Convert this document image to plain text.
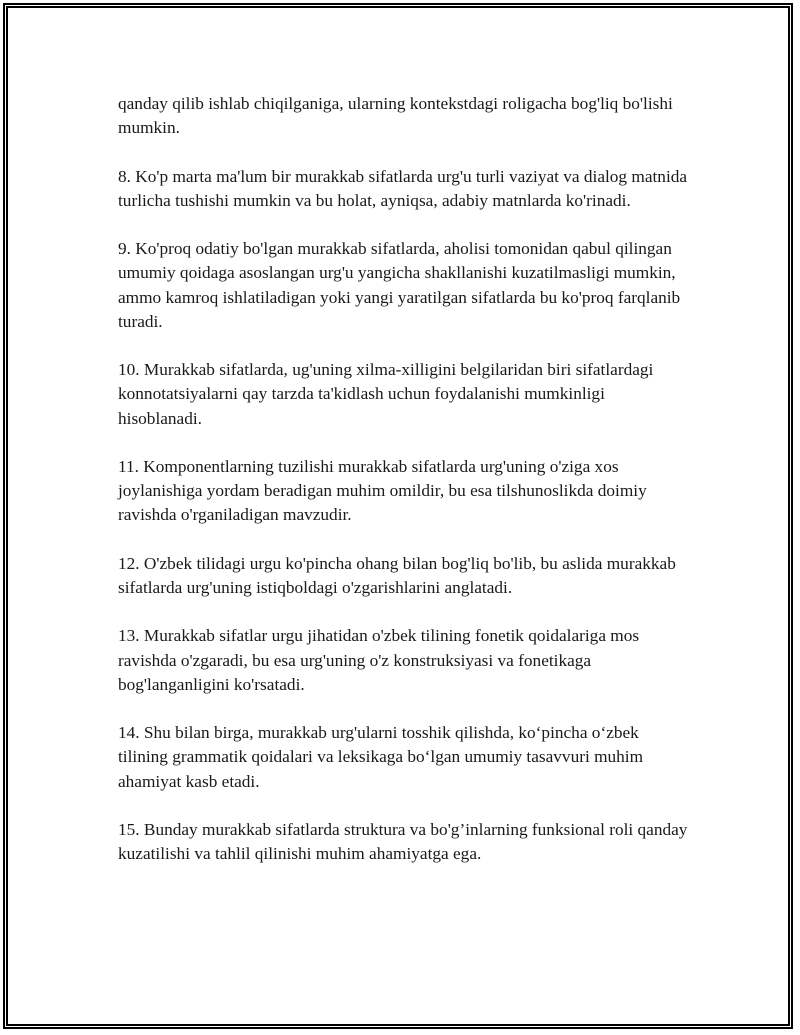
qanday qilib ishlab chiqilganiga, ularning kontekstdagi roligacha bog'liq bo'lishi mumkin.

8. Ko'p marta ma'lum bir murakkab sifatlarda urg'u turli vaziyat va dialog matnida turlicha tushishi mumkin va bu holat, ayniqsa, adabiy matnlarda ko'rinadi.

9. Ko'proq odatiy bo'lgan murakkab sifatlarda, aholisi tomonidan qabul qilingan umumiy qoidaga asoslangan urg'u yangicha shakllanishi kuzatilmasligi mumkin, ammo kamroq ishlatiladigan yoki yangi yaratilgan sifatlarda bu ko'proq farqlanib turadi.

10. Murakkab sifatlarda, ug'uning xilma-xilligini belgilaridan biri sifatlardagi konnotatsiyalarni qay tarzda ta'kidlash uchun foydalanishi mumkinligi hisoblanadi.

11. Komponentlarning tuzilishi murakkab sifatlarda urg'uning o'ziga xos joylanishiga yordam beradigan muhim omildir, bu esa tilshunoslikda doimiy ravishda o'rganiladigan mavzudir.

12. O'zbek tilidagi urgu ko'pincha ohang bilan bog'liq bo'lib, bu aslida murakkab sifatlarda urg'uning istiqboldagi o'zgarishlarini anglatadi.

13. Murakkab sifatlar urgu jihatidan o'zbek tilining fonetik qoidalariga mos ravishda o'zgaradi, bu esa urg'uning o'z konstruksiyasi va fonetikaga bog'langanligini ko'rsatadi.

14. Shu bilan birga, murakkab urg'ularni tosshik qilishda, ko‘pincha o‘zbek tilining grammatik qoidalari va leksikaga bo‘lgan umumiy tasavvuri muhim ahamiyat kasb etadi.

15. Bunday murakkab sifatlarda struktura va bo'g’inlarning funksional roli qanday kuzatilishi va tahlil qilinishi muhim ahamiyatga ega.
